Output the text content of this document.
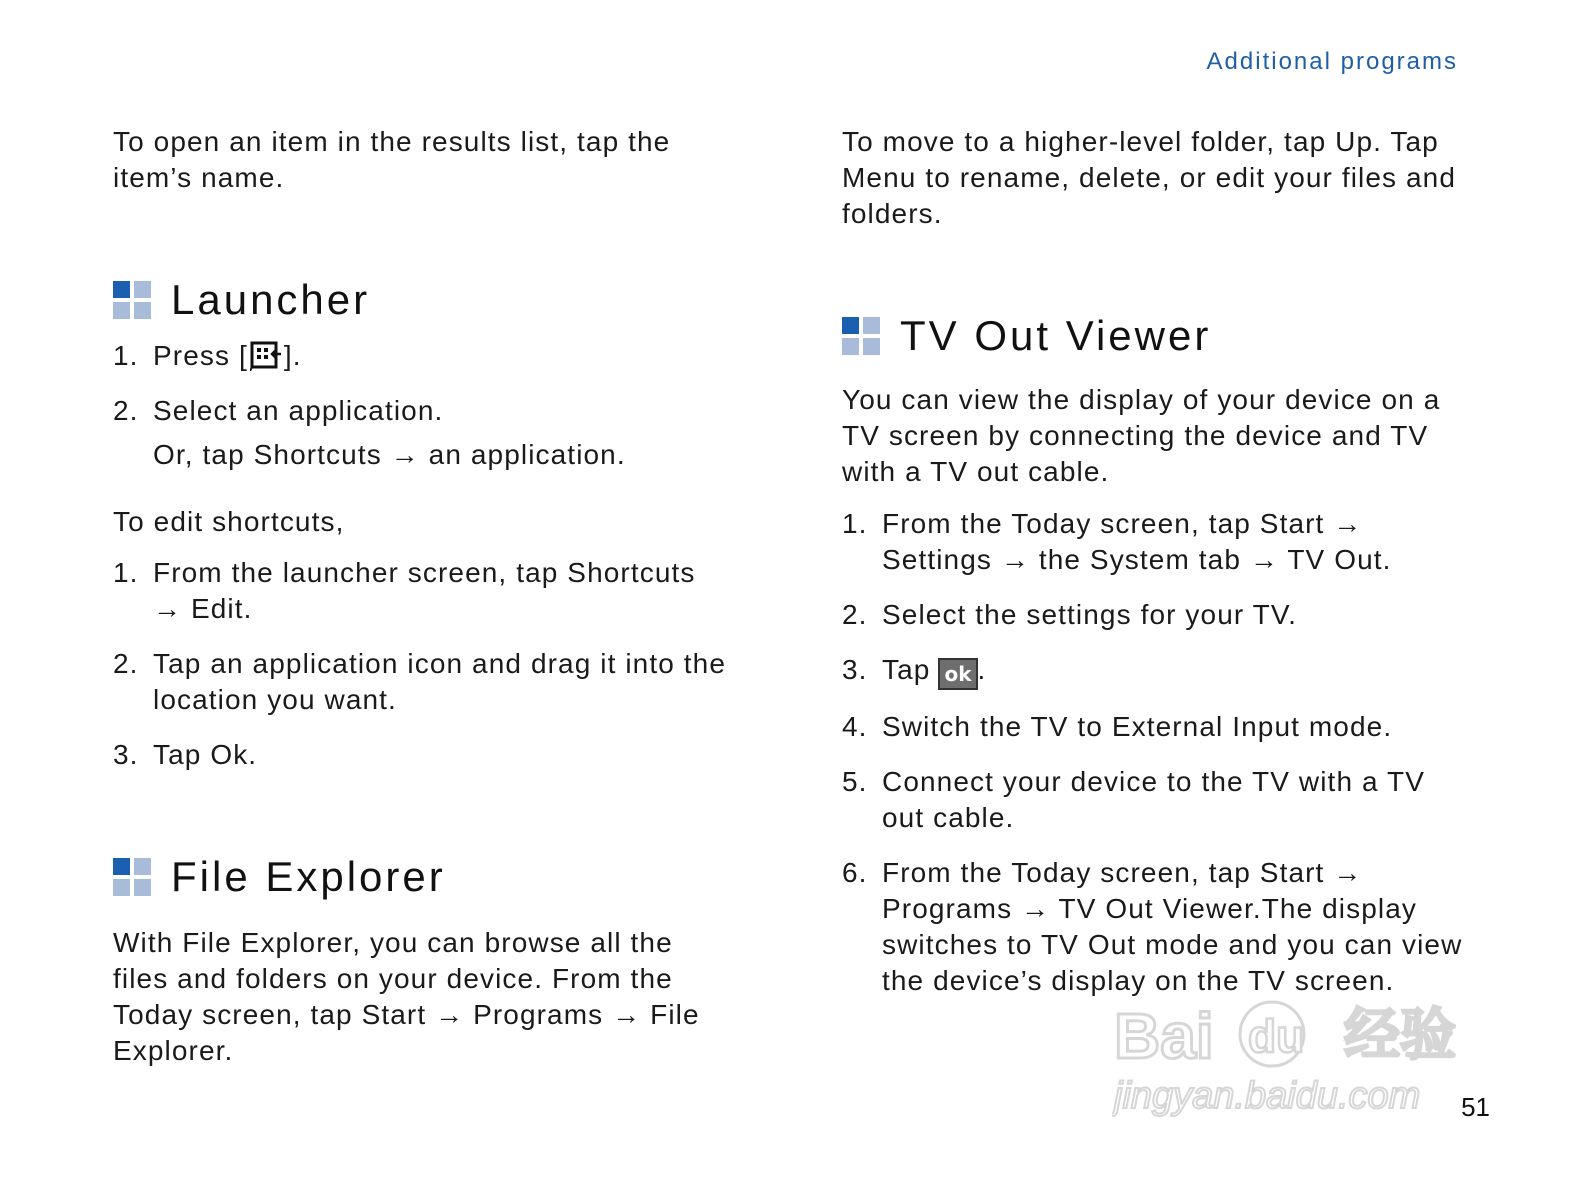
Additional programs

To open an item in the results list, tap the item’s name.

Launcher
1. Press [ ].
2. Select an application.

Or, tap Shortcuts → an application.

To edit shortcuts,

1. From the launcher screen, tap Shortcuts → Edit.
2. Tap an application icon and drag it into the location you want.
3. Tap Ok.
File Explorer

With File Explorer, you can browse all the files and folders on your device. From the Today screen, tap Start → Programs → File Explorer.

To move to a higher-level folder, tap Up. Tap Menu to rename, delete, or edit your files and folders.

TV Out Viewer

You can view the display of your device on a TV screen by connecting the device and TV with a TV out cable.

1. From the Today screen, tap Start → Settings → the System tab → TV Out.
2. Select the settings for your TV.
3. Tap ok .
4. Switch the TV to External Input mode.
5. Connect your device to the TV with a TV out cable.
6. From the Today screen, tap Start → Programs → TV Out Viewer.The display switches to TV Out mode and you can view the device’s display on the TV screen.
Bai du 经验
jingyan.baidu.com 51
